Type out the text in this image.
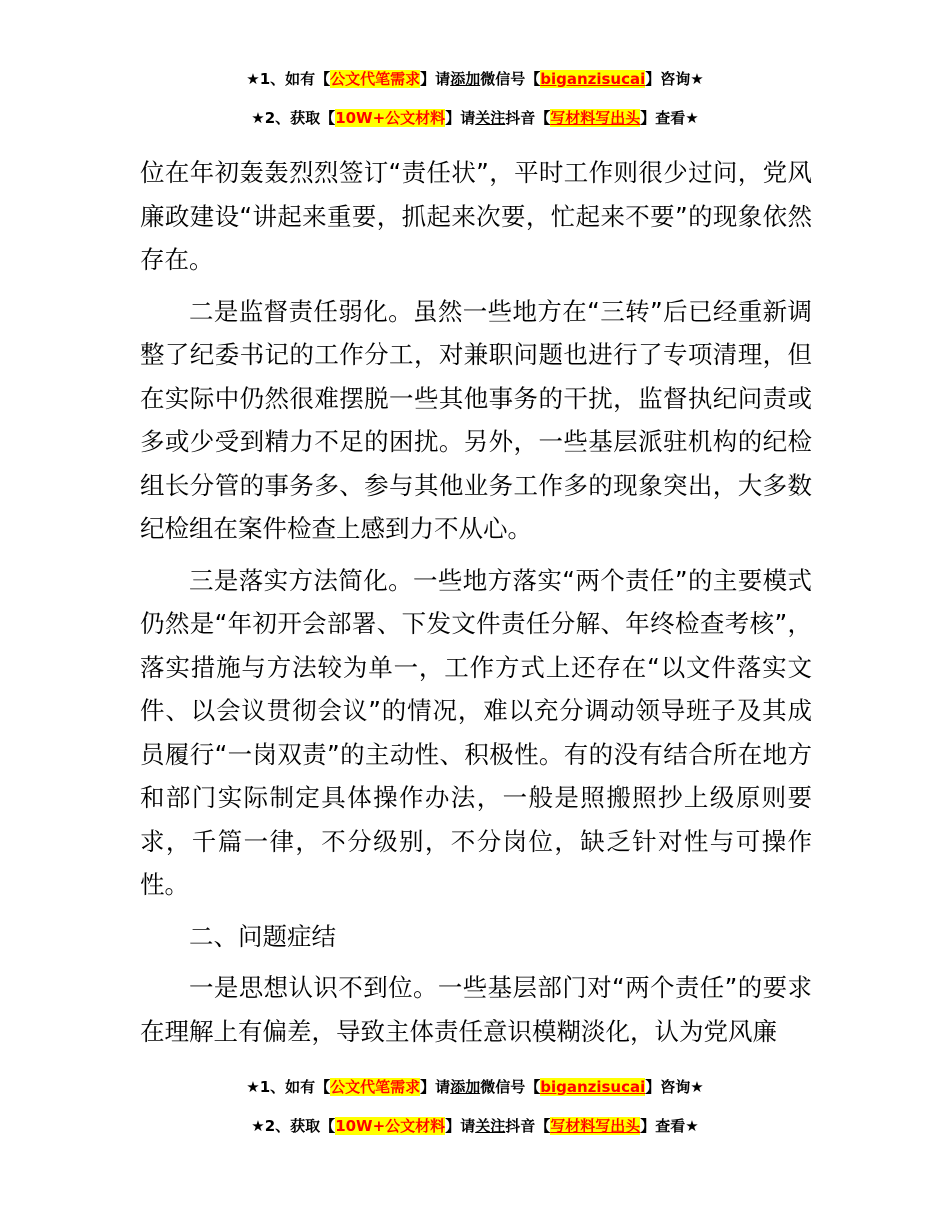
★1、如有【公文代笔需求】请添加微信号【biganzisucai】咨询★
★2、获取【10W+公文材料】请关注抖音【写材料写出头】查看★

位在年初轰轰烈烈签订“责任状”，平时工作则很少过问，党风廉政建设“讲起来重要，抓起来次要，忙起来不要”的现象依然存在。

二是监督责任弱化。虽然一些地方在“三转”后已经重新调整了纪委书记的工作分工，对兼职问题也进行了专项清理，但在实际中仍然很难摆脱一些其他事务的干扰，监督执纪问责或多或少受到精力不足的困扰。另外，一些基层派驻机构的纪检组长分管的事务多、参与其他业务工作多的现象突出，大多数纪检组在案件检查上感到力不从心。

三是落实方法简化。一些地方落实“两个责任”的主要模式仍然是“年初开会部署、下发文件责任分解、年终检查考核”，落实措施与方法较为单一，工作方式上还存在“以文件落实文件、以会议贯彻会议”的情况，难以充分调动领导班子及其成员履行“一岗双责”的主动性、积极性。有的没有结合所在地方和部门实际制定具体操作办法，一般是照搬照抄上级原则要求，千篇一律，不分级别，不分岗位，缺乏针对性与可操作性。

二、问题症结

一是思想认识不到位。一些基层部门对“两个责任”的要求在理解上有偏差，导致主体责任意识模糊淡化，认为党风廉

★1、如有【公文代笔需求】请添加微信号【biganzisucai】咨询★
★2、获取【10W+公文材料】请关注抖音【写材料写出头】查看★
